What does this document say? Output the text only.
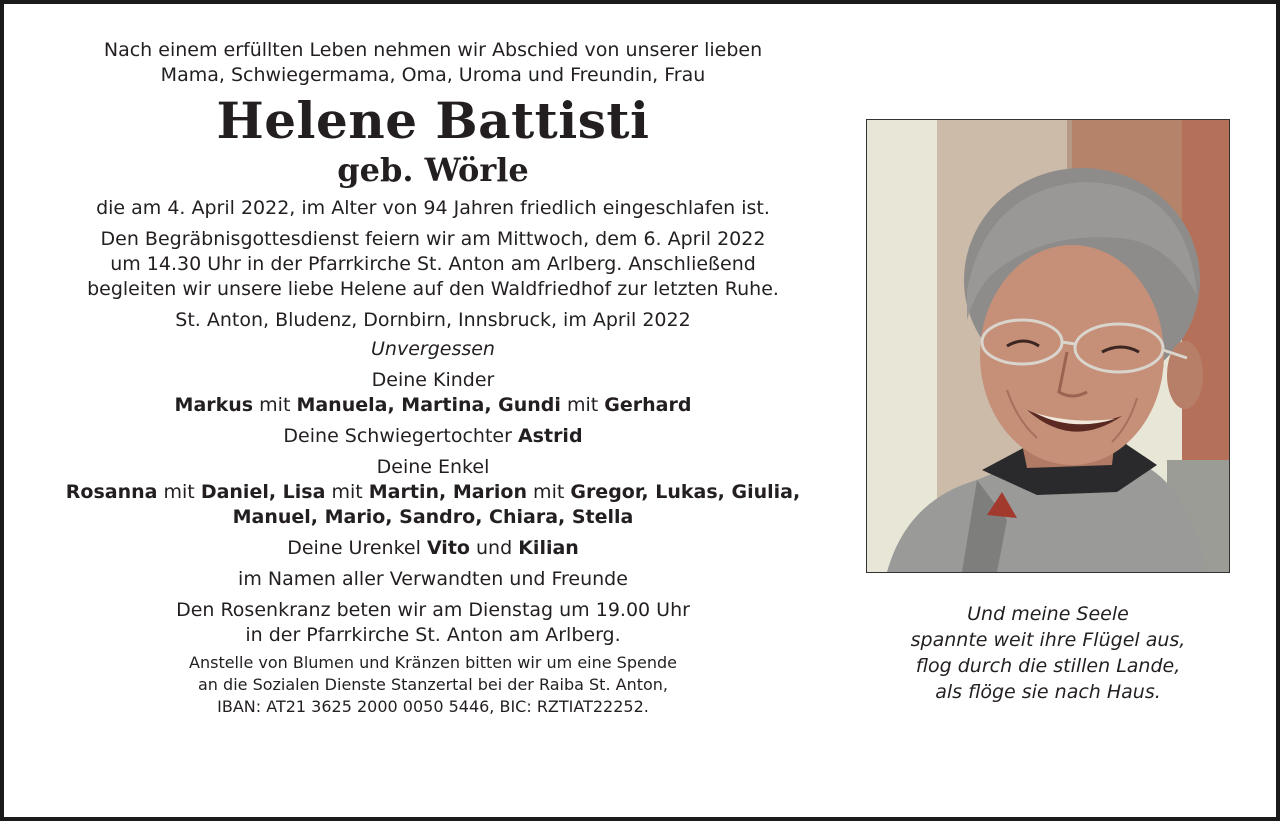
Nach einem erfüllten Leben nehmen wir Abschied von unserer lieben
Mama, Schwiegermama, Oma, Uroma und Freundin, Frau
Helene Battisti
geb. Wörle
die am 4. April 2022, im Alter von 94 Jahren friedlich eingeschlafen ist.
Den Begräbnisgottesdienst feiern wir am Mittwoch, dem 6. April 2022
um 14.30 Uhr in der Pfarrkirche St. Anton am Arlberg. Anschließend
begleiten wir unsere liebe Helene auf den Waldfriedhof zur letzten Ruhe.
St. Anton, Bludenz, Dornbirn, Innsbruck, im April 2022
Unvergessen
Deine Kinder
Markus mit Manuela, Martina, Gundi mit Gerhard
Deine Schwiegertochter Astrid
Deine Enkel
Rosanna mit Daniel, Lisa mit Martin, Marion mit Gregor, Lukas, Giulia,
Manuel, Mario, Sandro, Chiara, Stella
Deine Urenkel Vito und Kilian
im Namen aller Verwandten und Freunde
Den Rosenkranz beten wir am Dienstag um 19.00 Uhr
in der Pfarrkirche St. Anton am Arlberg.
Anstelle von Blumen und Kränzen bitten wir um eine Spende
an die Sozialen Dienste Stanzertal bei der Raiba St. Anton,
IBAN: AT21 3625 2000 0050 5446, BIC: RZTIAT22252.
Und meine Seele
spannte weit ihre Flügel aus,
flog durch die stillen Lande,
als flöge sie nach Haus.
